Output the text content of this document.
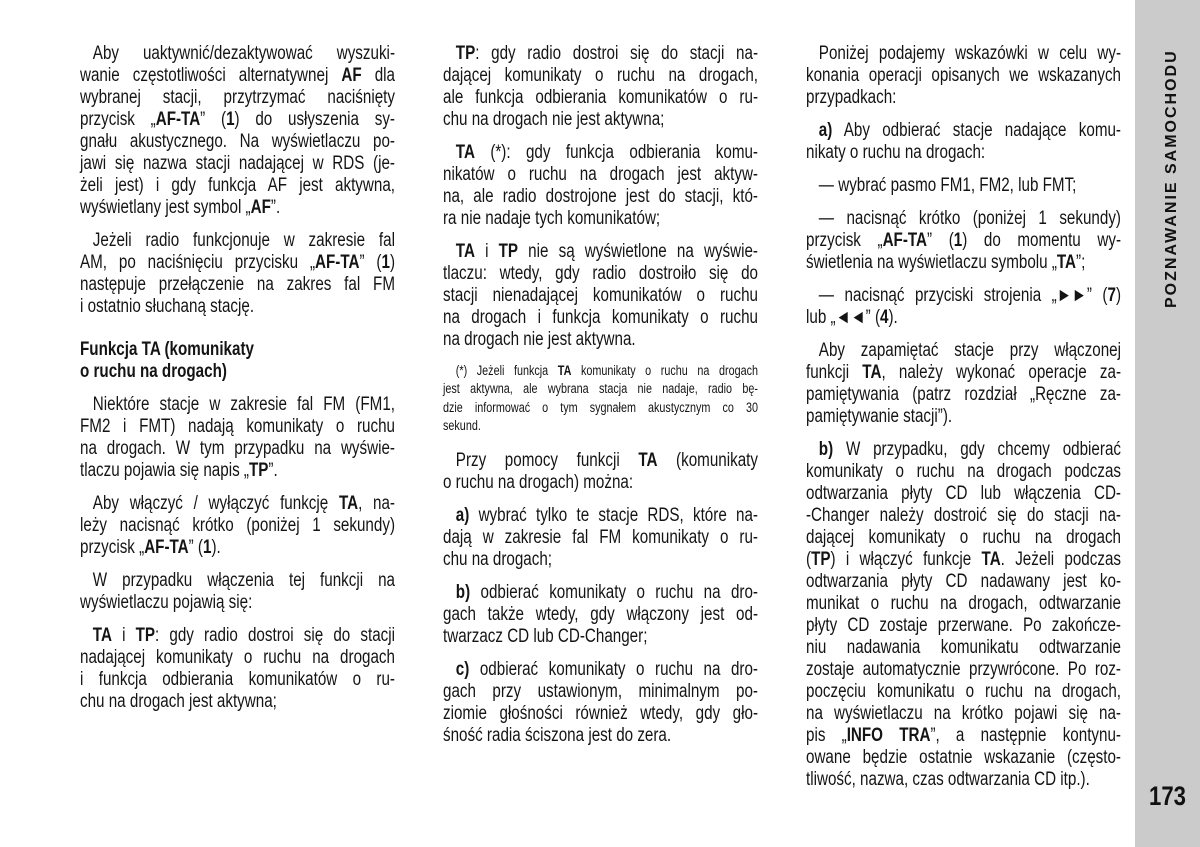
POZNAWANIE SAMOCHODU
173
Aby uaktywnić/dezaktywować wyszuki-
wanie częstotliwości alternatywnej AF dla
wybranej stacji, przytrzymać naciśnięty
przycisk „AF-TA” (1) do usłyszenia sy-
gnału akustycznego. Na wyświetlaczu po-
jawi się nazwa stacji nadającej w RDS (je-
żeli jest) i gdy funkcja AF jest aktywna,
wyświetlany jest symbol „AF”.
Jeżeli radio funkcjonuje w zakresie fal
AM, po naciśnięciu przycisku „AF-TA” (1)
następuje przełączenie na zakres fal FM
i ostatnio słuchaną stację.
Funkcja TA (komunikaty
o ruchu na drogach)
Niektóre stacje w zakresie fal FM (FM1,
FM2 i FMT) nadają komunikaty o ruchu
na drogach. W tym przypadku na wyświe-
tlaczu pojawia się napis „TP”.
Aby włączyć / wyłączyć funkcję TA, na-
leży nacisnąć krótko (poniżej 1 sekundy)
przycisk „AF-TA” (1).
W przypadku włączenia tej funkcji na
wyświetlaczu pojawią się:
TA i TP: gdy radio dostroi się do stacji
nadającej komunikaty o ruchu na drogach
i funkcja odbierania komunikatów o ru-
chu na drogach jest aktywna;
TP: gdy radio dostroi się do stacji na-
dającej komunikaty o ruchu na drogach,
ale funkcja odbierania komunikatów o ru-
chu na drogach nie jest aktywna;
TA (*): gdy funkcja odbierania komu-
nikatów o ruchu na drogach jest aktyw-
na, ale radio dostrojone jest do stacji, któ-
ra nie nadaje tych komunikatów;
TA i TP nie są wyświetlone na wyświe-
tlaczu: wtedy, gdy radio dostroiło się do
stacji nienadającej komunikatów o ruchu
na drogach i funkcja komunikaty o ruchu
na drogach nie jest aktywna.
(*) Jeżeli funkcja TA komunikaty o ruchu na drogach
jest aktywna, ale wybrana stacja nie nadaje, radio bę-
dzie informować o tym sygnałem akustycznym co 30
sekund.
Przy pomocy funkcji TA (komunikaty
o ruchu na drogach) można:
a) wybrać tylko te stacje RDS, które na-
dają w zakresie fal FM komunikaty o ru-
chu na drogach;
b) odbierać komunikaty o ruchu na dro-
gach także wtedy, gdy włączony jest od-
twarzacz CD lub CD-Changer;
c) odbierać komunikaty o ruchu na dro-
gach przy ustawionym, minimalnym po-
ziomie głośności również wtedy, gdy gło-
śność radia ściszona jest do zera.
Poniżej podajemy wskazówki w celu wy-
konania operacji opisanych we wskazanych
przypadkach:
a) Aby odbierać stacje nadające komu-
nikaty o ruchu na drogach:
— wybrać pasmo FM1, FM2, lub FMT;
— nacisnąć krótko (poniżej 1 sekundy)
przycisk „AF-TA” (1) do momentu wy-
świetlenia na wyświetlaczu symbolu „TA”;
— nacisnąć przyciski strojenia „►►” (7)
lub „◄◄” (4).
Aby zapamiętać stacje przy włączonej
funkcji TA, należy wykonać operacje za-
pamiętywania (patrz rozdział „Ręczne za-
pamiętywanie stacji”).
b) W przypadku, gdy chcemy odbierać
komunikaty o ruchu na drogach podczas
odtwarzania płyty CD lub włączenia CD-
-Changer należy dostroić się do stacji na-
dającej komunikaty o ruchu na drogach
(TP) i włączyć funkcje TA. Jeżeli podczas
odtwarzania płyty CD nadawany jest ko-
munikat o ruchu na drogach, odtwarzanie
płyty CD zostaje przerwane. Po zakończe-
niu nadawania komunikatu odtwarzanie
zostaje automatycznie przywrócone. Po roz-
poczęciu komunikatu o ruchu na drogach,
na wyświetlaczu na krótko pojawi się na-
pis „INFO TRA”, a następnie kontynu-
owane będzie ostatnie wskazanie (często-
tliwość, nazwa, czas odtwarzania CD itp.).
